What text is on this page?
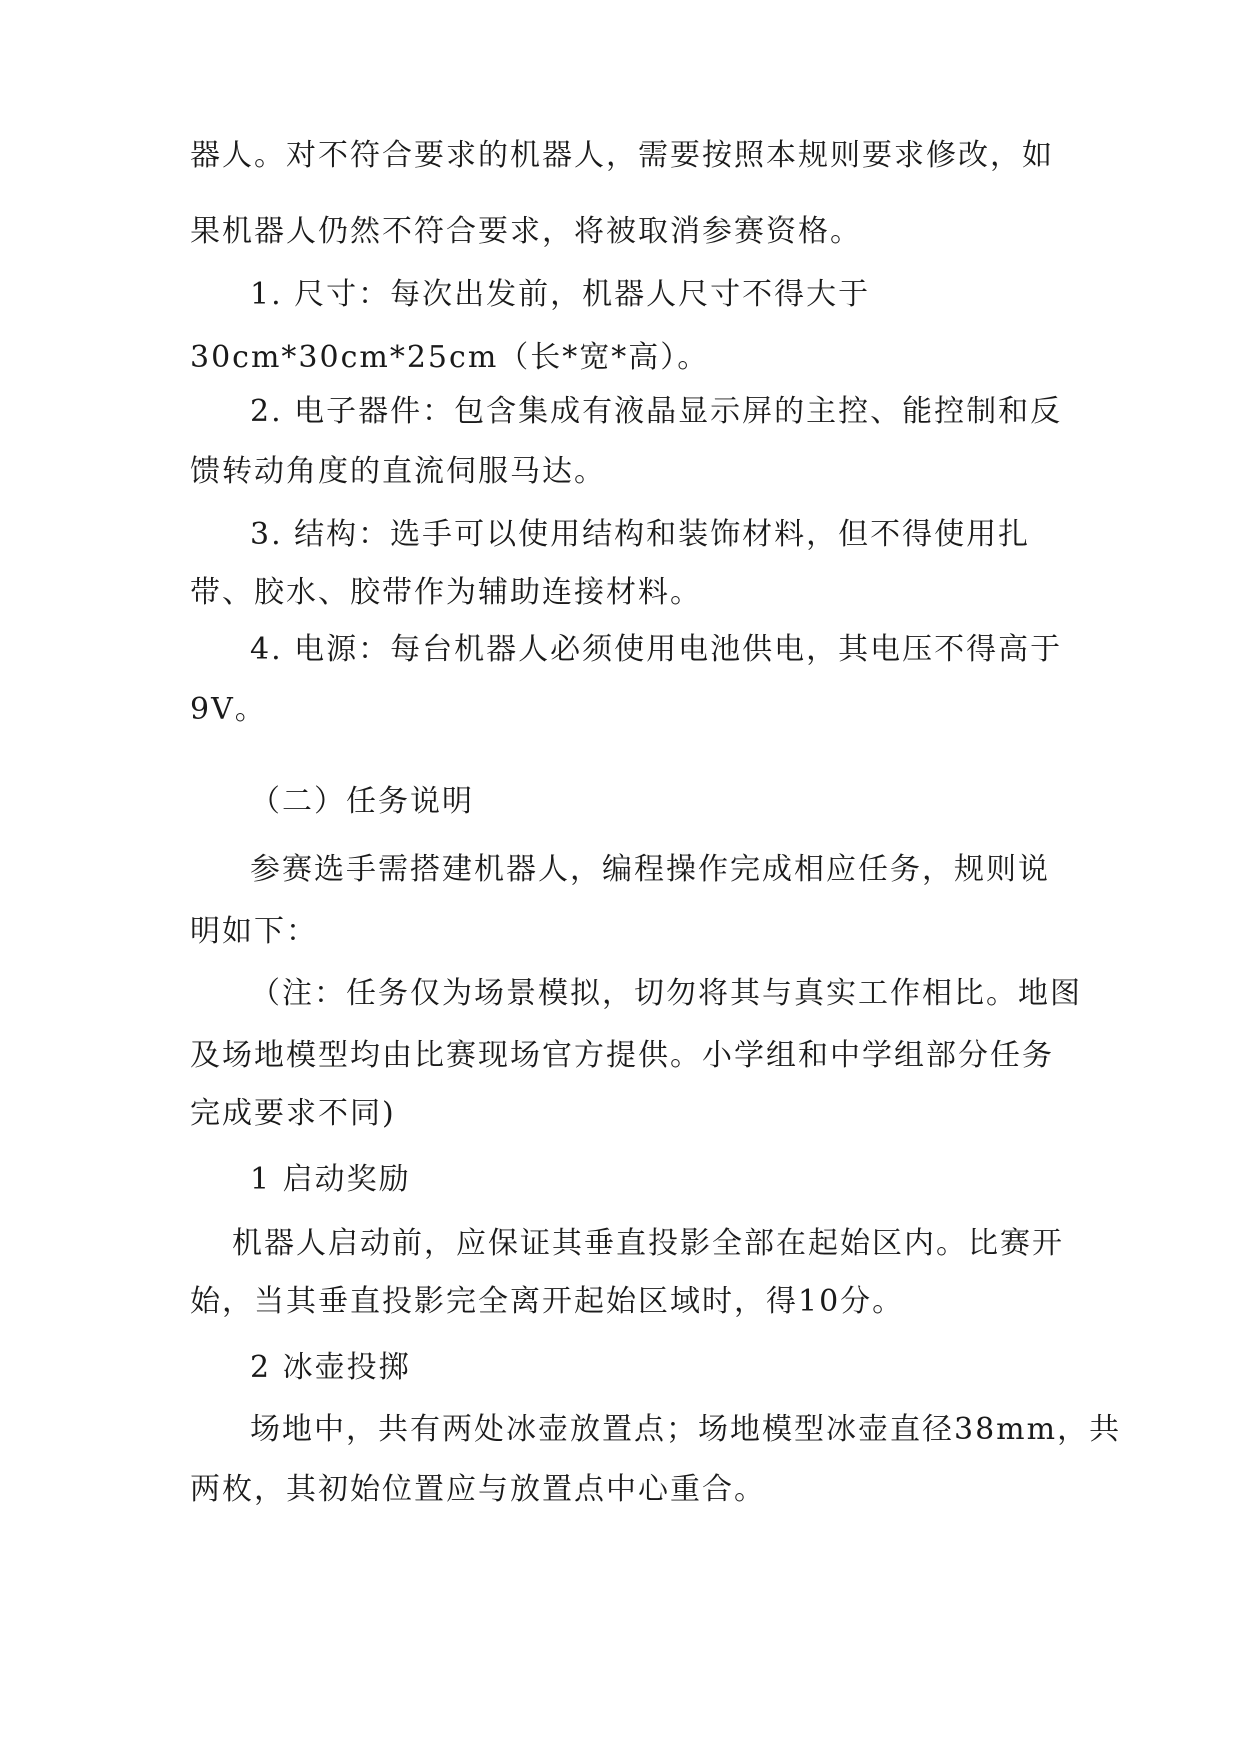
器人。对不符合要求的机器人，需要按照本规则要求修改，如

果机器人仍然不符合要求，将被取消参赛资格。

1. 尺寸：每次出发前，机器人尺寸不得大于

30cm*30cm*25cm（长*宽*高）。

2. 电子器件：包含集成有液晶显示屏的主控、能控制和反

馈转动角度的直流伺服马达。

3. 结构：选手可以使用结构和装饰材料，但不得使用扎

带、胶水、胶带作为辅助连接材料。

4. 电源：每台机器人必须使用电池供电，其电压不得高于

9V。

（二）任务说明

参赛选手需搭建机器人，编程操作完成相应任务，规则说

明如下：

（注：任务仅为场景模拟，切勿将其与真实工作相比。地图

及场地模型均由比赛现场官方提供。小学组和中学组部分任务

完成要求不同)

1 启动奖励

机器人启动前，应保证其垂直投影全部在起始区内。比赛开

始，当其垂直投影完全离开起始区域时，得10分。

2 冰壶投掷

场地中，共有两处冰壶放置点；场地模型冰壶直径38mm，共

两枚，其初始位置应与放置点中心重合。
